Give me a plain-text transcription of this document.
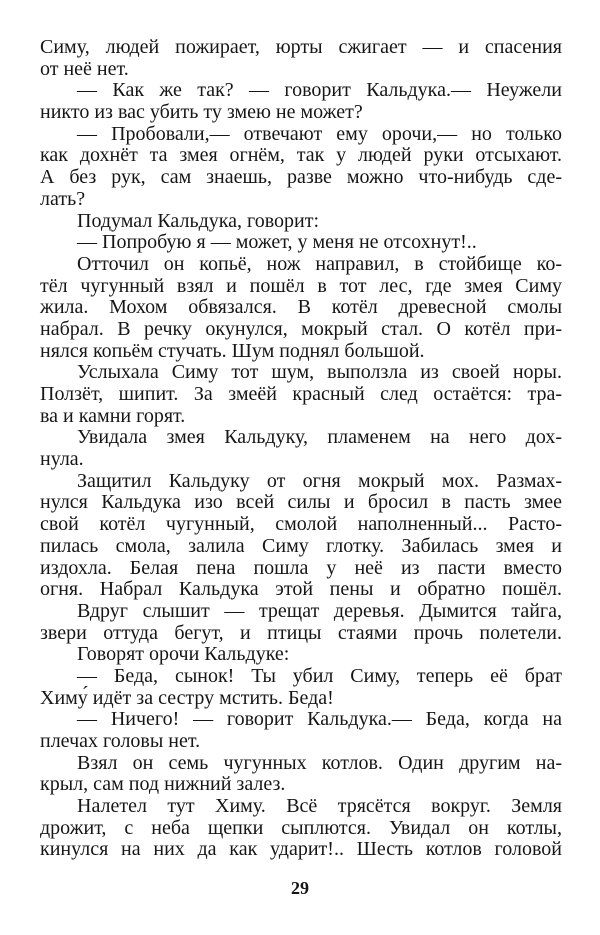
Симу, людей пожирает, юрты сжигает — и спасения
от неё нет.
— Как же так? — говорит Кальдука.— Неужели
никто из вас убить ту змею не может?
— Пробовали,— отвечают ему орочи,— но только
как дохнёт та змея огнём, так у людей руки отсыхают.
А без рук, сам знаешь, разве можно что-нибудь сде-
лать?
Подумал Кальдука, говорит:
— Попробую я — может, у меня не отсохнут!..
Отточил он копьё, нож направил, в стойбище ко-
тёл чугунный взял и пошёл в тот лес, где змея Симу
жила. Мохом обвязался. В котёл древесной смолы
набрал. В речку окунулся, мокрый стал. О котёл при-
нялся копьём стучать. Шум поднял большой.
Услыхала Симу тот шум, выползла из своей норы.
Ползёт, шипит. За змеёй красный след остаётся: тра-
ва и камни горят.
Увидала змея Кальдуку, пламенем на него дох-
нула.
Защитил Кальдуку от огня мокрый мох. Размах-
нулся Кальдука изо всей силы и бросил в пасть змее
свой котёл чугунный, смолой наполненный... Расто-
пилась смола, залила Симу глотку. Забилась змея и
издохла. Белая пена пошла у неё из пасти вместо
огня. Набрал Кальдука этой пены и обратно пошёл.
Вдруг слышит — трещат деревья. Дымится тайга,
звери оттуда бегут, и птицы стаями прочь полетели.
Говорят орочи Кальдуке:
— Беда, сынок! Ты убил Симу, теперь её брат
Химу́ идёт за сестру мстить. Беда!
— Ничего! — говорит Кальдука.— Беда, когда на
плечах головы нет.
Взял он семь чугунных котлов. Один другим на-
крыл, сам под нижний залез.
Налетел тут Химу. Всё трясётся вокруг. Земля
дрожит, с неба щепки сыплются. Увидал он котлы,
кинулся на них да как ударит!.. Шесть котлов головой
29
